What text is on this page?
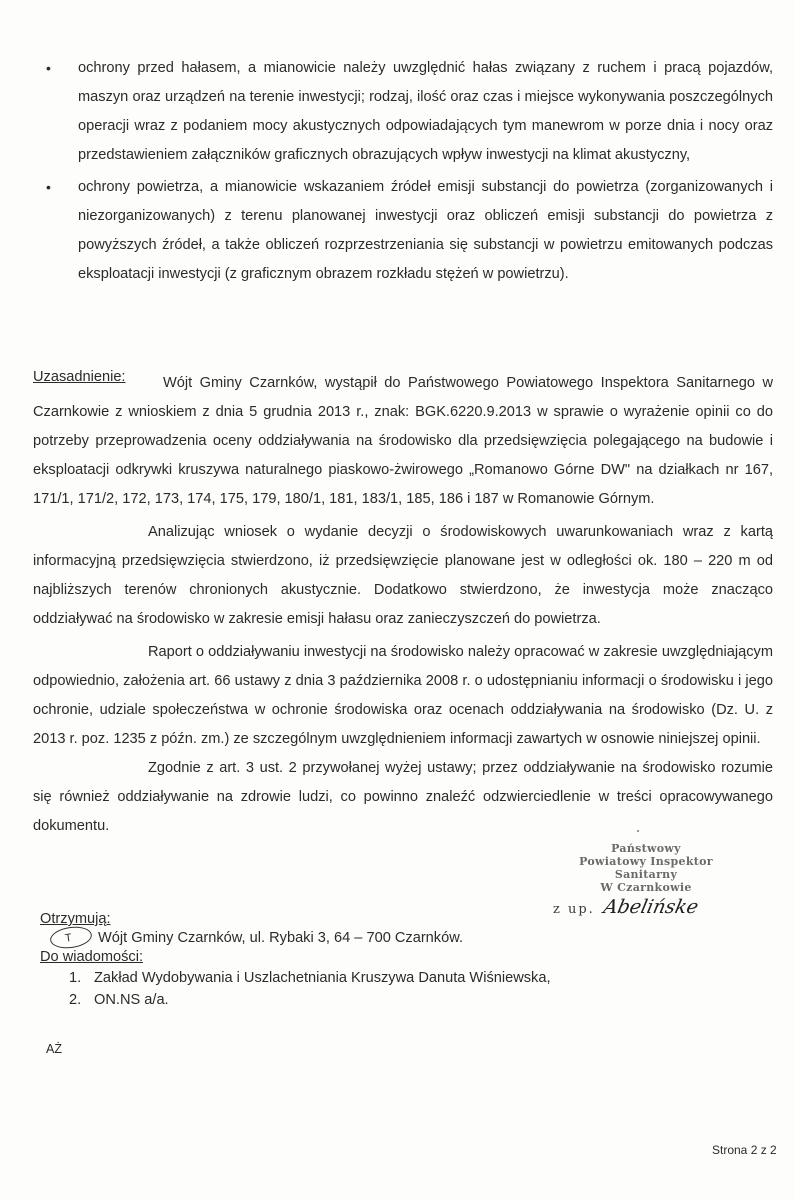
• ochrony przed hałasem, a mianowicie należy uwzględnić hałas związany z ruchem i pracą pojazdów, maszyn oraz urządzeń na terenie inwestycji; rodzaj, ilość oraz czas i miejsce wykonywania poszczególnych operacji wraz z podaniem mocy akustycznych odpowiadających tym manewrom w porze dnia i nocy oraz przedstawieniem załączników graficznych obrazujących wpływ inwestycji na klimat akustyczny,
• ochrony powietrza, a mianowicie wskazaniem źródeł emisji substancji do powietrza (zorganizowanych i niezorganizowanych) z terenu planowanej inwestycji oraz obliczeń emisji substancji do powietrza z powyższych źródeł, a także obliczeń rozprzestrzeniania się substancji w powietrzu emitowanych podczas eksploatacji inwestycji (z graficznym obrazem rozkładu stężeń w powietrzu).

Uzasadnienie:	Wójt Gminy Czarnków, wystąpił do Państwowego Powiatowego Inspektora Sanitarnego w Czarnkowie z wnioskiem z dnia 5 grudnia 2013 r., znak: BGK.6220.9.2013 w sprawie o wyrażenie opinii co do potrzeby przeprowadzenia oceny oddziaływania na środowisko dla przedsięwzięcia polegającego na budowie i eksploatacji odkrywki kruszywa naturalnego piaskowo-żwirowego „Romanowo Górne DW" na działkach nr 167, 171/1, 171/2, 172, 173, 174, 175, 179, 180/1, 181, 183/1, 185, 186 i 187 w Romanowie Górnym.

Analizując wniosek o wydanie decyzji o środowiskowych uwarunkowaniach wraz z kartą informacyjną przedsięwzięcia stwierdzono, iż przedsięwzięcie planowane jest w odległości ok. 180 – 220 m od najbliższych terenów chronionych akustycznie. Dodatkowo stwierdzono, że inwestycja może znacząco oddziaływać na środowisko w zakresie emisji hałasu oraz zanieczyszczeń do powietrza.

Raport o oddziaływaniu inwestycji na środowisko należy opracować w zakresie uwzględniającym odpowiednio, założenia art. 66 ustawy z dnia 3 października 2008 r. o udostępnianiu informacji o środowisku i jego ochronie, udziale społeczeństwa w ochronie środowiska oraz ocenach oddziaływania na środowisko (Dz. U. z 2013 r. poz. 1235 z późn. zm.) ze szczególnym uwzględnieniem informacji zawartych w osnowie niniejszej opinii.

Zgodnie z art. 3 ust. 2 przywołanej wyżej ustawy; przez oddziaływanie na środowisko rozumie się również oddziaływanie na zdrowie ludzi, co powinno znaleźć odzwierciedlenie w treści opracowywanego dokumentu.

Państwowy
Powiatowy Inspektor Sanitarny
W Czarnkowie
z up. Abelińske
Otrzymują:
T Wójt Gminy Czarnków, ul. Rybaki 3, 64 – 700 Czarnków.
Do wiadomości:
1. Zakład Wydobywania i Uszlachetniania Kruszywa Danuta Wiśniewska,
2. ON.NS a/a.
AŻ
Strona 2 z 2
